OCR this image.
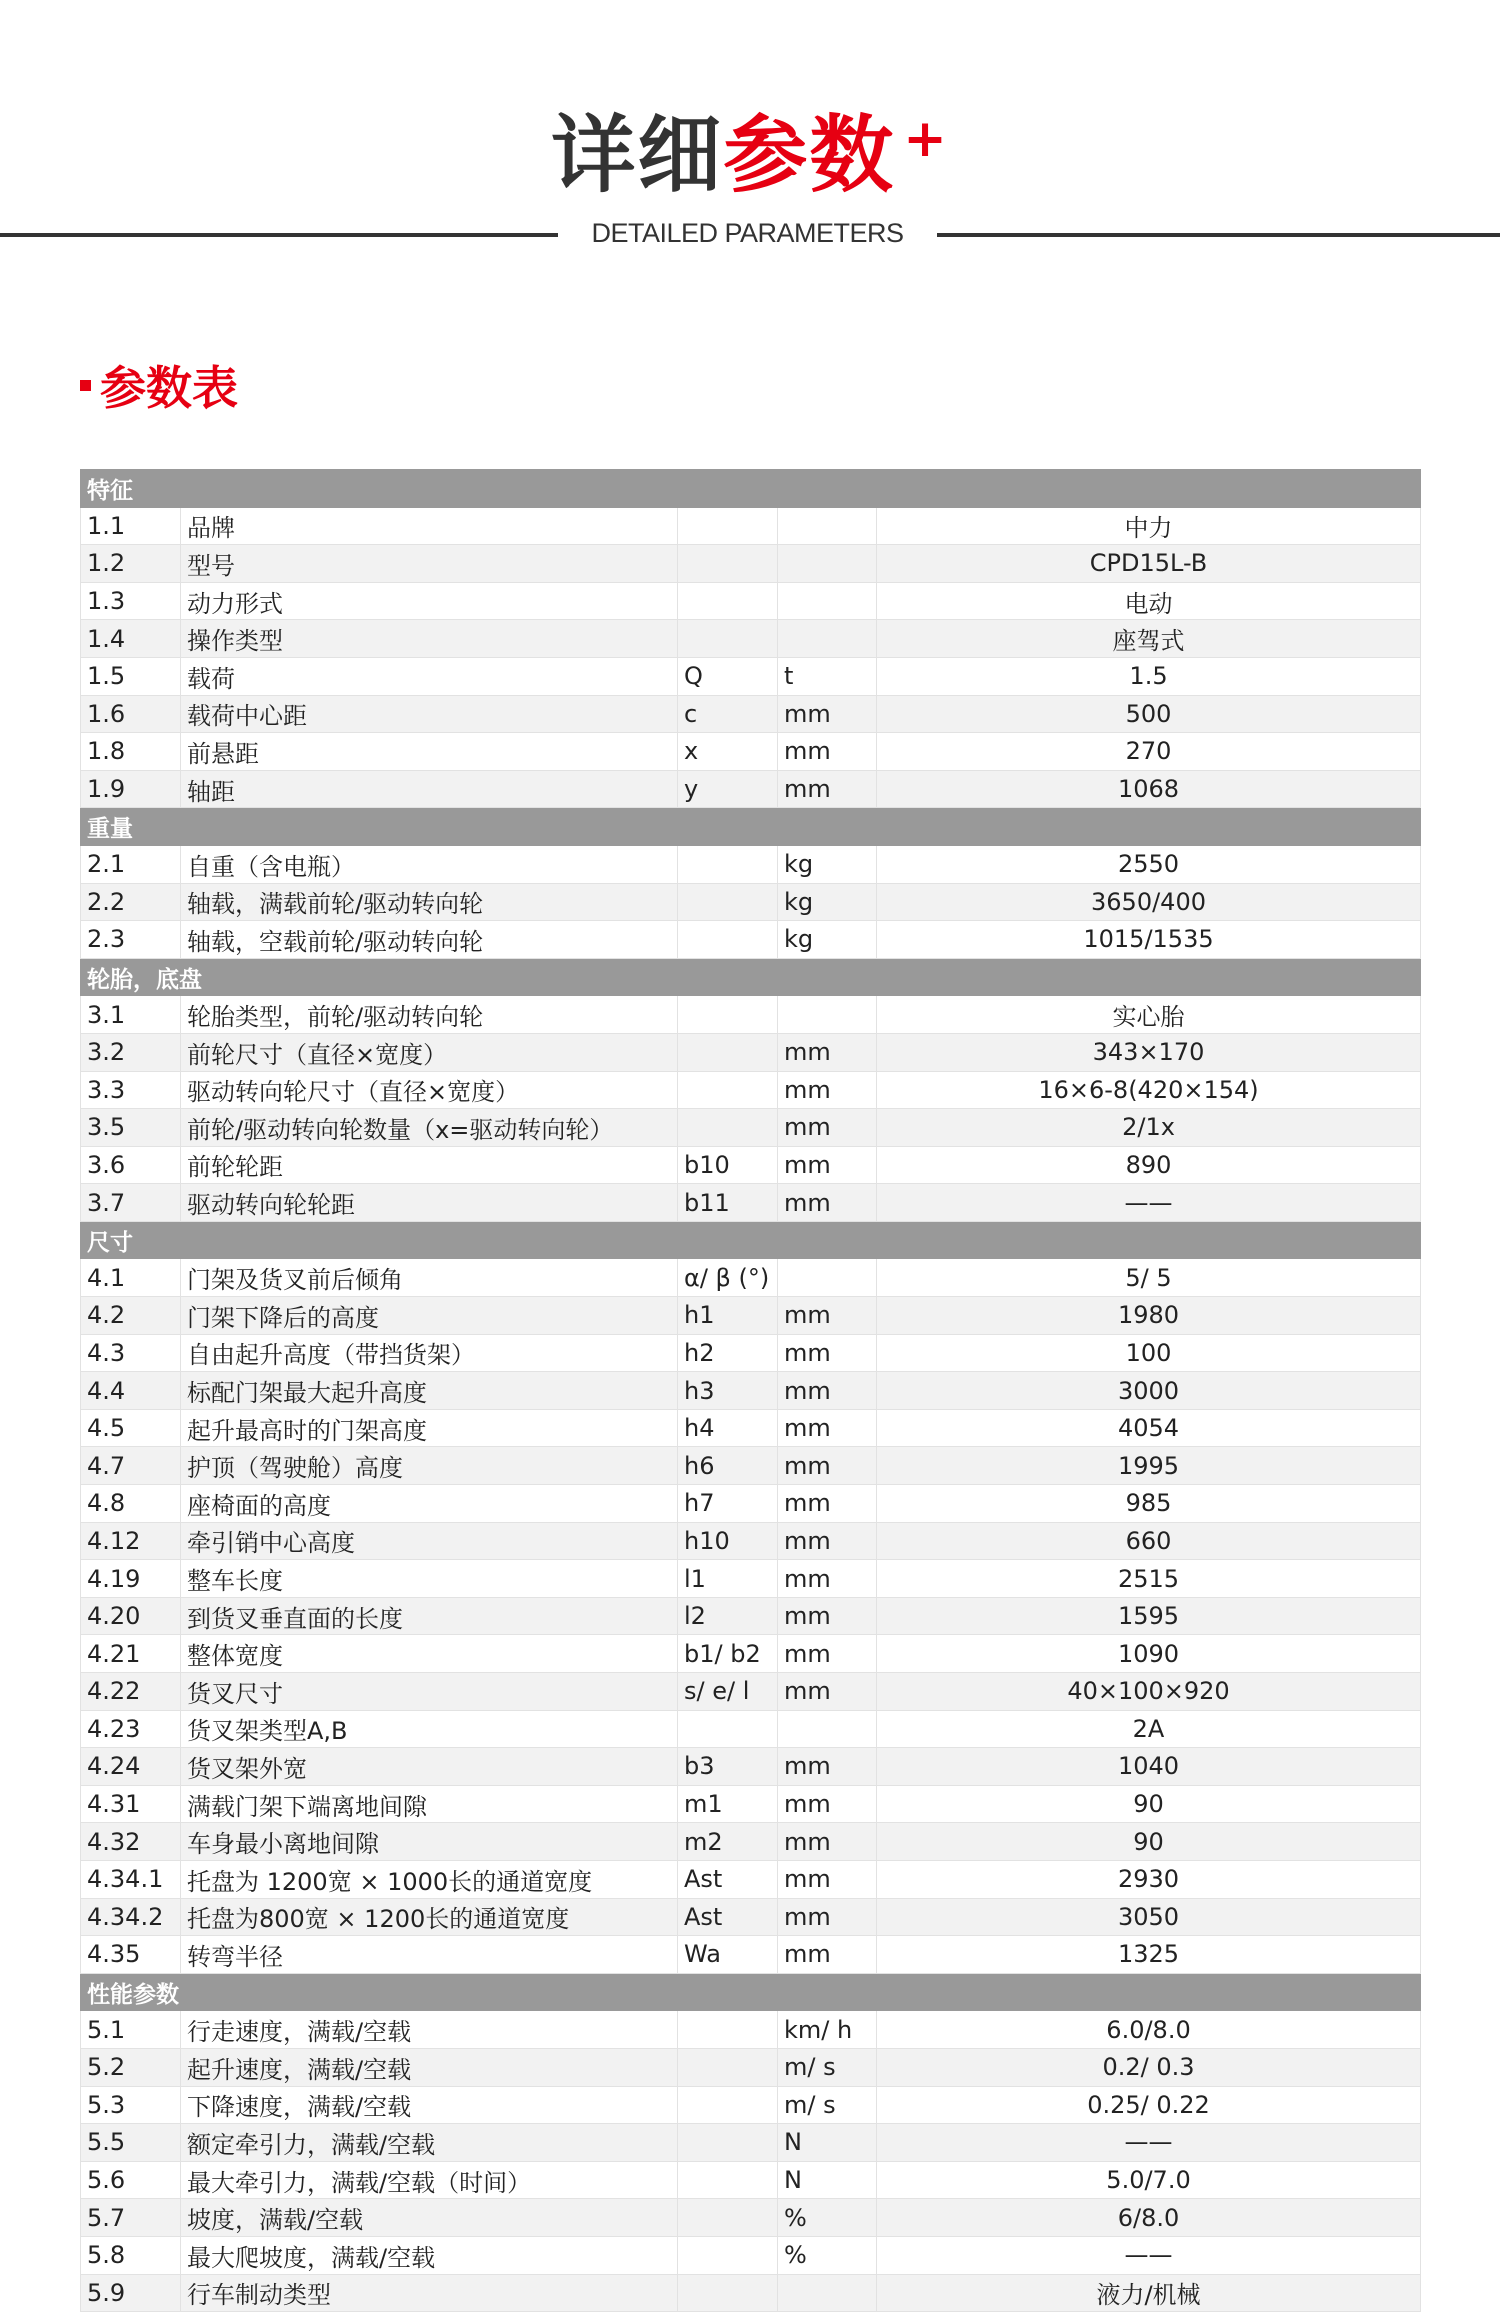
详细参数 +
DETAILED PARAMETERS
参数表
特征				
1.1	品牌			中力
1.2	型号			CPD15L-B
1.3	动力形式			电动
1.4	操作类型			座驾式
1.5	载荷	Q	t	1.5
1.6	载荷中心距	c	mm	500
1.8	前悬距	x	mm	270
1.9	轴距	y	mm	1068
重量				
2.1	自重（含电瓶）		kg	2550
2.2	轴载，满载前轮/驱动转向轮		kg	3650/400
2.3	轴载，空载前轮/驱动转向轮		kg	1015/1535
轮胎，底盘				
3.1	轮胎类型，前轮/驱动转向轮			实心胎
3.2	前轮尺寸（直径×宽度）		mm	343×170
3.3	驱动转向轮尺寸（直径×宽度）		mm	16×6-8(420×154)
3.5	前轮/驱动转向轮数量（x=驱动转向轮）		mm	2/1x
3.6	前轮轮距	b10	mm	890
3.7	驱动转向轮轮距	b11	mm	——
尺寸				
4.1	门架及货叉前后倾角	α/ β (°)		5/ 5
4.2	门架下降后的高度	h1	mm	1980
4.3	自由起升高度（带挡货架）	h2	mm	100
4.4	标配门架最大起升高度	h3	mm	3000
4.5	起升最高时的门架高度	h4	mm	4054
4.7	护顶（驾驶舱）高度	h6	mm	1995
4.8	座椅面的高度	h7	mm	985
4.12	牵引销中心高度	h10	mm	660
4.19	整车长度	l1	mm	2515
4.20	到货叉垂直面的长度	l2	mm	1595
4.21	整体宽度	b1/ b2	mm	1090
4.22	货叉尺寸	s/ e/ l	mm	40×100×920
4.23	货叉架类型A,B			2A
4.24	货叉架外宽	b3	mm	1040
4.31	满载门架下端离地间隙	m1	mm	90
4.32	车身最小离地间隙	m2	mm	90
4.34.1	托盘为 1200宽 × 1000长的通道宽度	Ast	mm	2930
4.34.2	托盘为800宽 × 1200长的通道宽度	Ast	mm	3050
4.35	转弯半径	Wa	mm	1325
性能参数				
5.1	行走速度，满载/空载		km/ h	6.0/8.0
5.2	起升速度，满载/空载		m/ s	0.2/ 0.3
5.3	下降速度，满载/空载		m/ s	0.25/ 0.22
5.5	额定牵引力，满载/空载		N	——
5.6	最大牵引力，满载/空载（时间）		N	5.0/7.0
5.7	坡度，满载/空载		%	6/8.0
5.8	最大爬坡度，满载/空载		%	——
5.9	行车制动类型			液力/机械
